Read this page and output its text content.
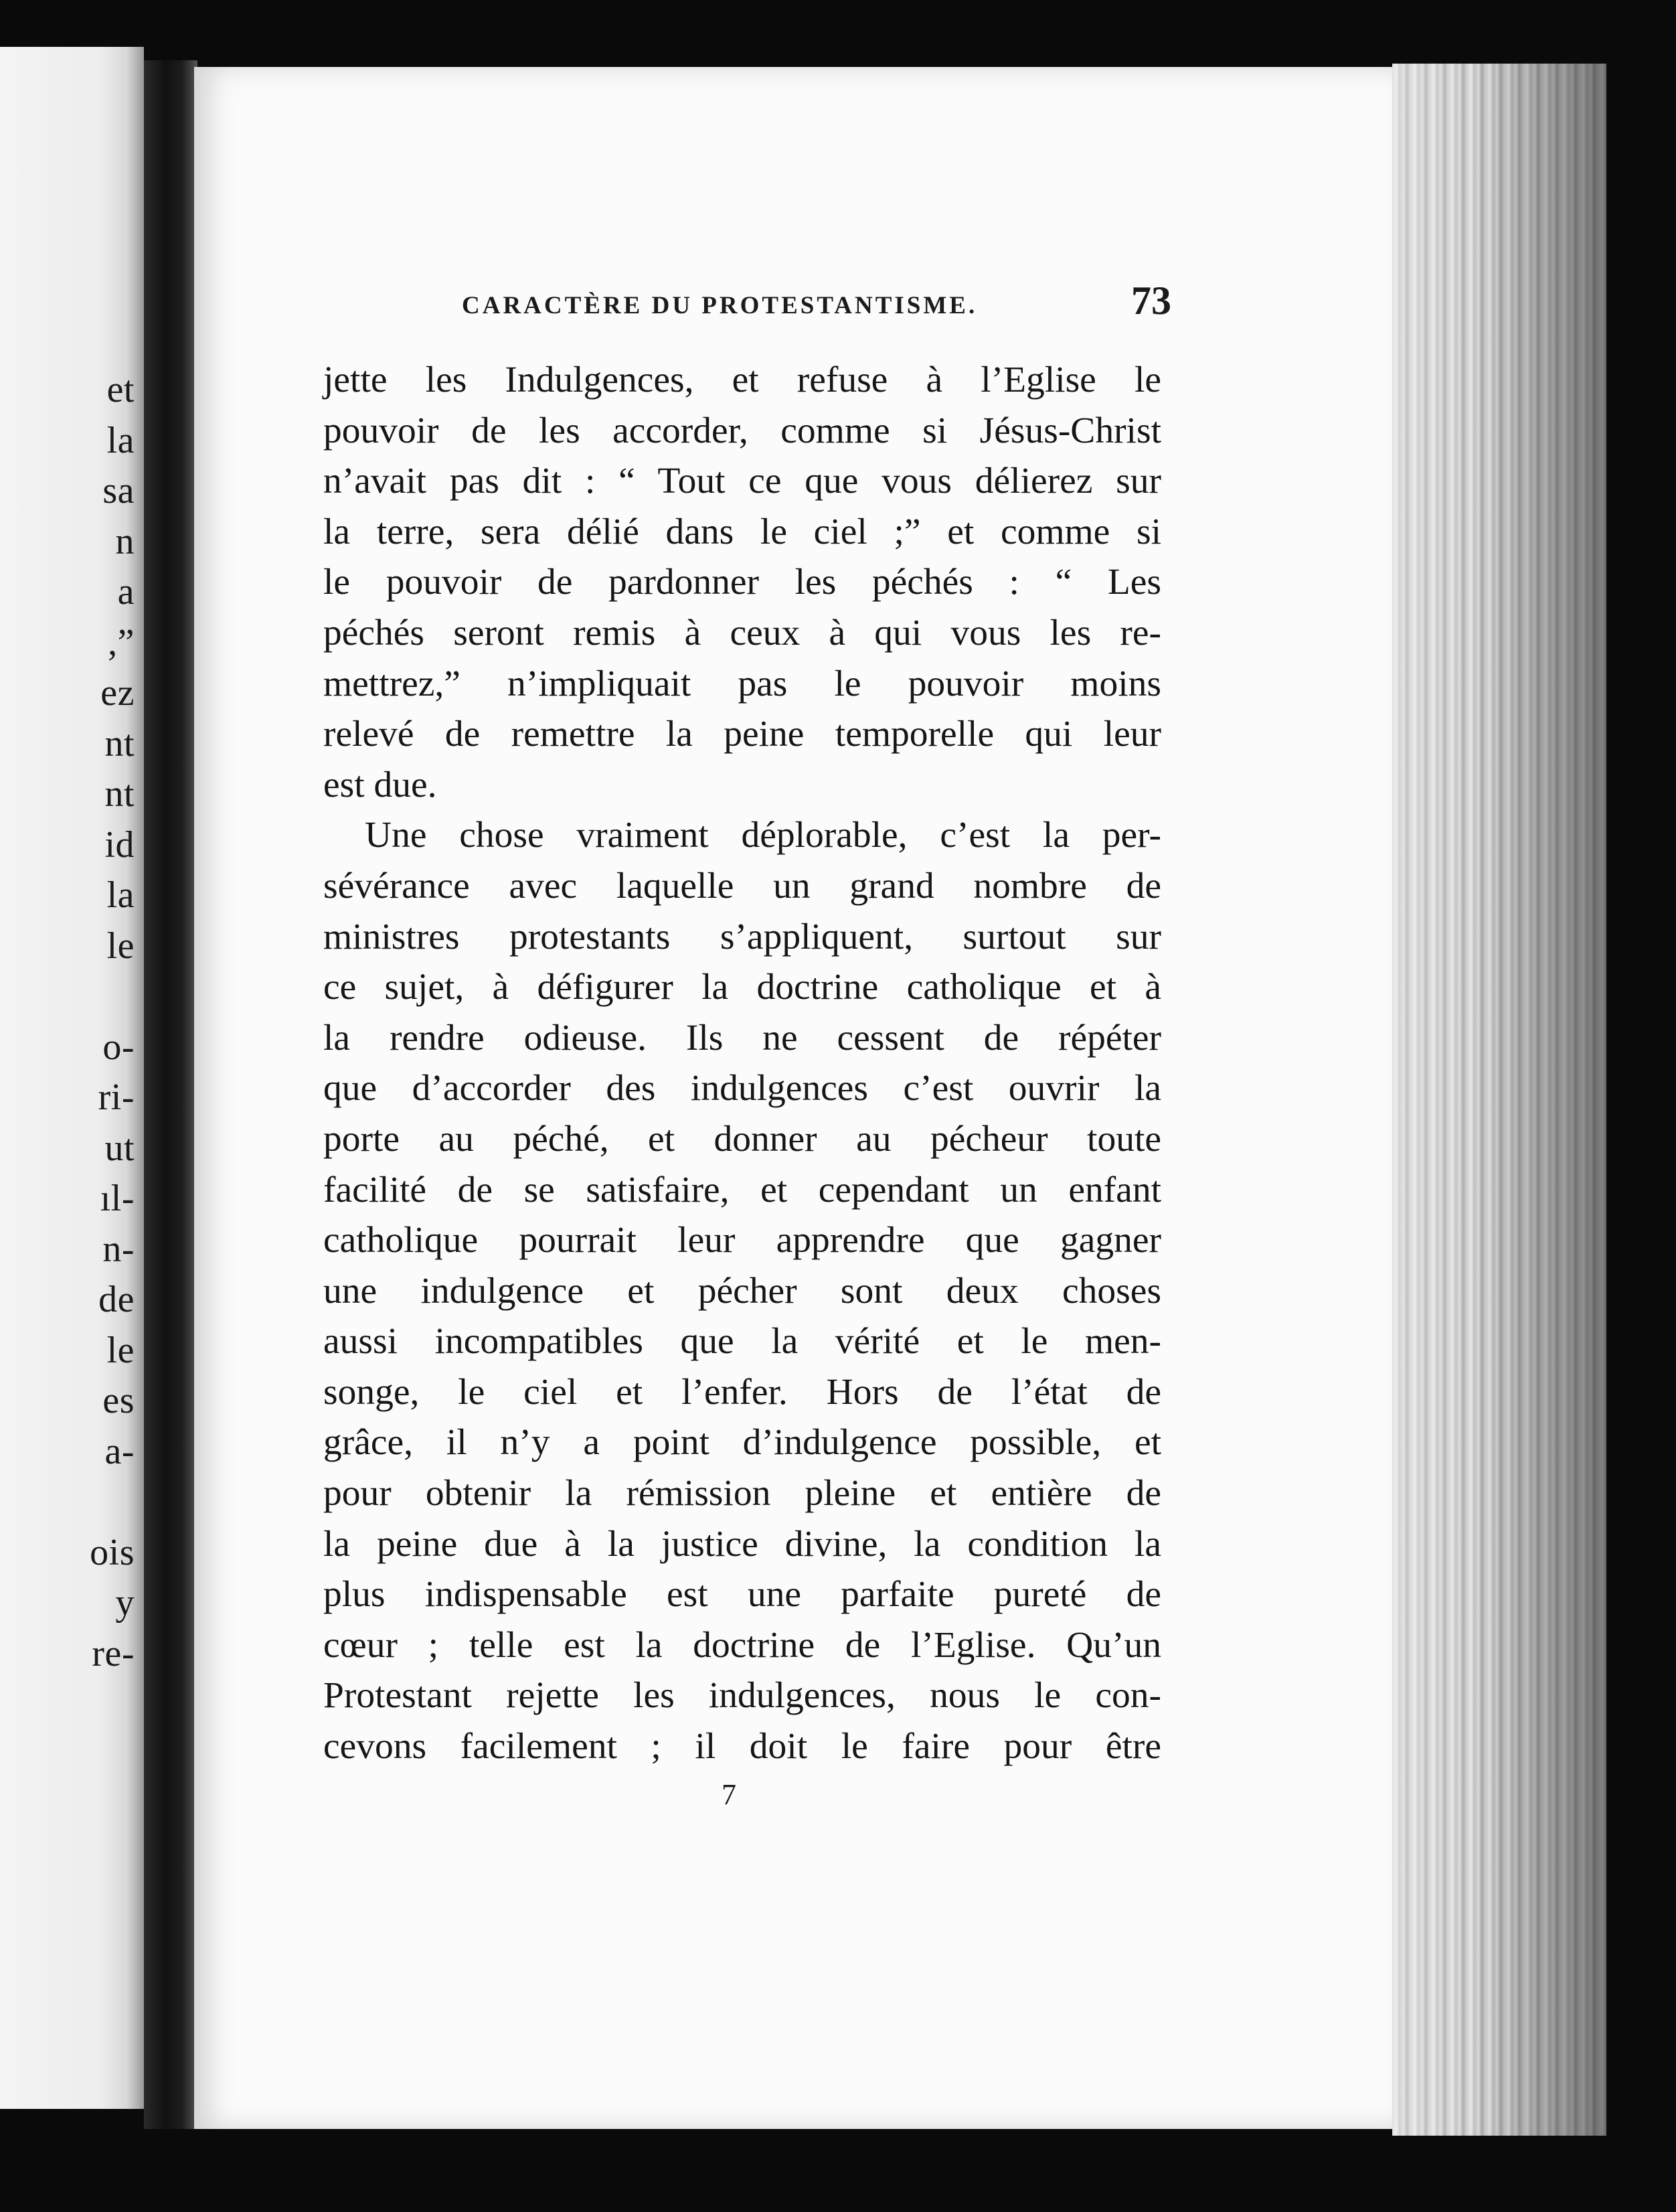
et
la
sa
n
a
,”
ez
nt
nt
id
la
le
o-
ri-
ut
ıl-
n-
de
le
es
a-
ois
y
re-
CARACTÈRE DU PROTESTANTISME.	73
jette les Indulgences, et refuse à l’Eglise le
pouvoir de les accorder, comme si Jésus-Christ
n’avait pas dit : “ Tout ce que vous délierez sur
la terre, sera délié dans le ciel ;” et comme si
le pouvoir de pardonner les péchés : “ Les
péchés seront remis à ceux à qui vous les re-
mettrez,” n’impliquait pas le pouvoir moins
relevé de remettre la peine temporelle qui leur
est due.
Une chose vraiment déplorable, c’est la per-
sévérance avec laquelle un grand nombre de
ministres protestants s’appliquent, surtout sur
ce sujet, à défigurer la doctrine catholique et à
la rendre odieuse. Ils ne cessent de répéter
que d’accorder des indulgences c’est ouvrir la
porte au péché, et donner au pécheur toute
facilité de se satisfaire, et cependant un enfant
catholique pourrait leur apprendre que gagner
une indulgence et pécher sont deux choses
aussi incompatibles que la vérité et le men-
songe, le ciel et l’enfer. Hors de l’état de
grâce, il n’y a point d’indulgence possible, et
pour obtenir la rémission pleine et entière de
la peine due à la justice divine, la condition la
plus indispensable est une parfaite pureté de
cœur ; telle est la doctrine de l’Eglise. Qu’un
Protestant rejette les indulgences, nous le con-
cevons facilement ; il doit le faire pour être
7
